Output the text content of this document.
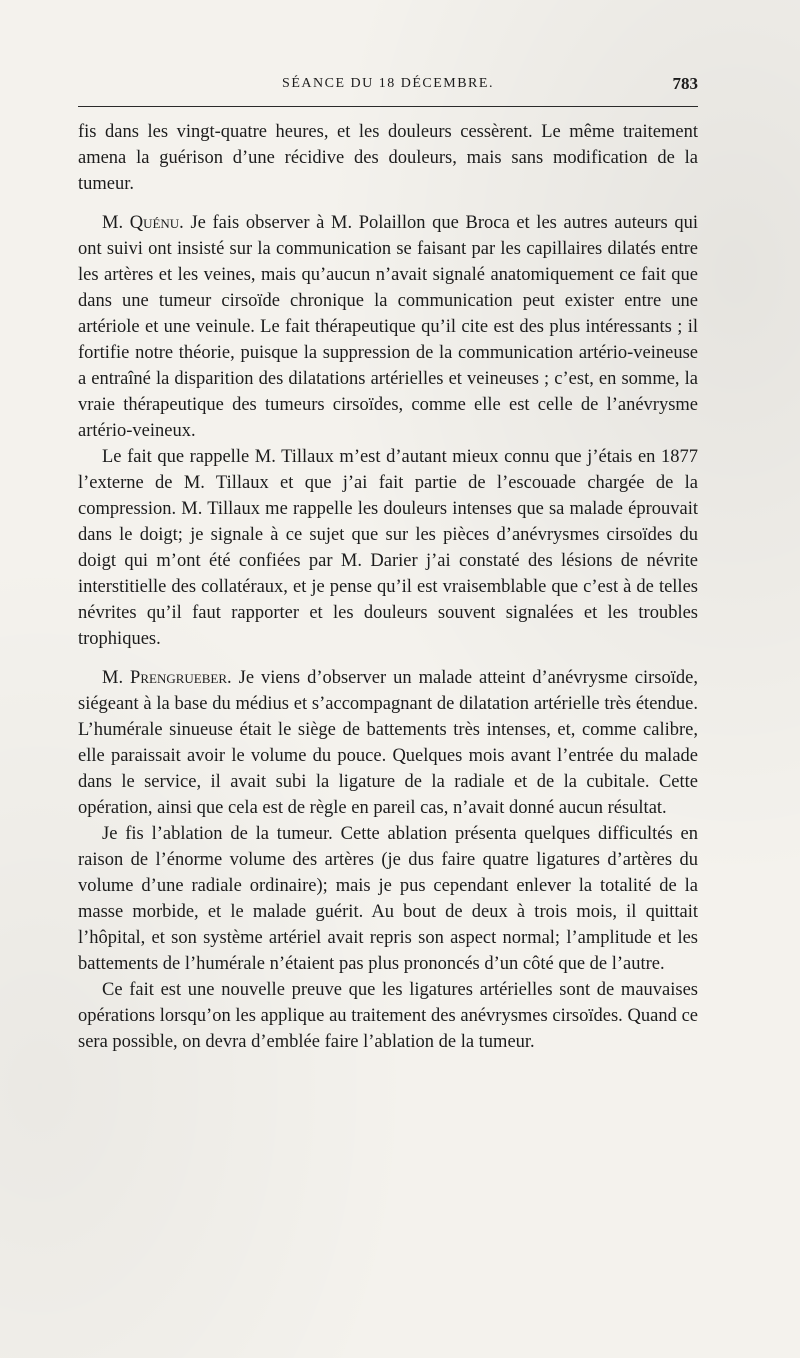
SÉANCE DU 18 DÉCEMBRE.	783

fis dans les vingt-quatre heures, et les douleurs cessèrent. Le même traitement amena la guérison d’une récidive des douleurs, mais sans modification de la tumeur.

M. Quénu. Je fais observer à M. Polaillon que Broca et les autres auteurs qui ont suivi ont insisté sur la communication se faisant par les capillaires dilatés entre les artères et les veines, mais qu’aucun n’avait signalé anatomiquement ce fait que dans une tumeur cirsoïde chronique la communication peut exister entre une artériole et une veinule. Le fait thérapeutique qu’il cite est des plus intéressants ; il fortifie notre théorie, puisque la suppression de la communication artério-veineuse a entraîné la disparition des dilatations artérielles et veineuses ; c’est, en somme, la vraie thérapeutique des tumeurs cirsoïdes, comme elle est celle de l’anévrysme artério-veineux.

Le fait que rappelle M. Tillaux m’est d’autant mieux connu que j’étais en 1877 l’externe de M. Tillaux et que j’ai fait partie de l’escouade chargée de la compression. M. Tillaux me rappelle les douleurs intenses que sa malade éprouvait dans le doigt; je signale à ce sujet que sur les pièces d’anévrysmes cirsoïdes du doigt qui m’ont été confiées par M. Darier j’ai constaté des lésions de névrite interstitielle des collatéraux, et je pense qu’il est vraisemblable que c’est à de telles névrites qu’il faut rapporter et les douleurs souvent signalées et les troubles trophiques.

M. Prengrueber. Je viens d’observer un malade atteint d’anévrysme cirsoïde, siégeant à la base du médius et s’accompagnant de dilatation artérielle très étendue. L’humérale sinueuse était le siège de battements très intenses, et, comme calibre, elle paraissait avoir le volume du pouce. Quelques mois avant l’entrée du malade dans le service, il avait subi la ligature de la radiale et de la cubitale. Cette opération, ainsi que cela est de règle en pareil cas, n’avait donné aucun résultat.

Je fis l’ablation de la tumeur. Cette ablation présenta quelques difficultés en raison de l’énorme volume des artères (je dus faire quatre ligatures d’artères du volume d’une radiale ordinaire); mais je pus cependant enlever la totalité de la masse morbide, et le malade guérit. Au bout de deux à trois mois, il quittait l’hôpital, et son système artériel avait repris son aspect normal; l’amplitude et les battements de l’humérale n’étaient pas plus prononcés d’un côté que de l’autre.

Ce fait est une nouvelle preuve que les ligatures artérielles sont de mauvaises opérations lorsqu’on les applique au traitement des anévrysmes cirsoïdes. Quand ce sera possible, on devra d’emblée faire l’ablation de la tumeur.
